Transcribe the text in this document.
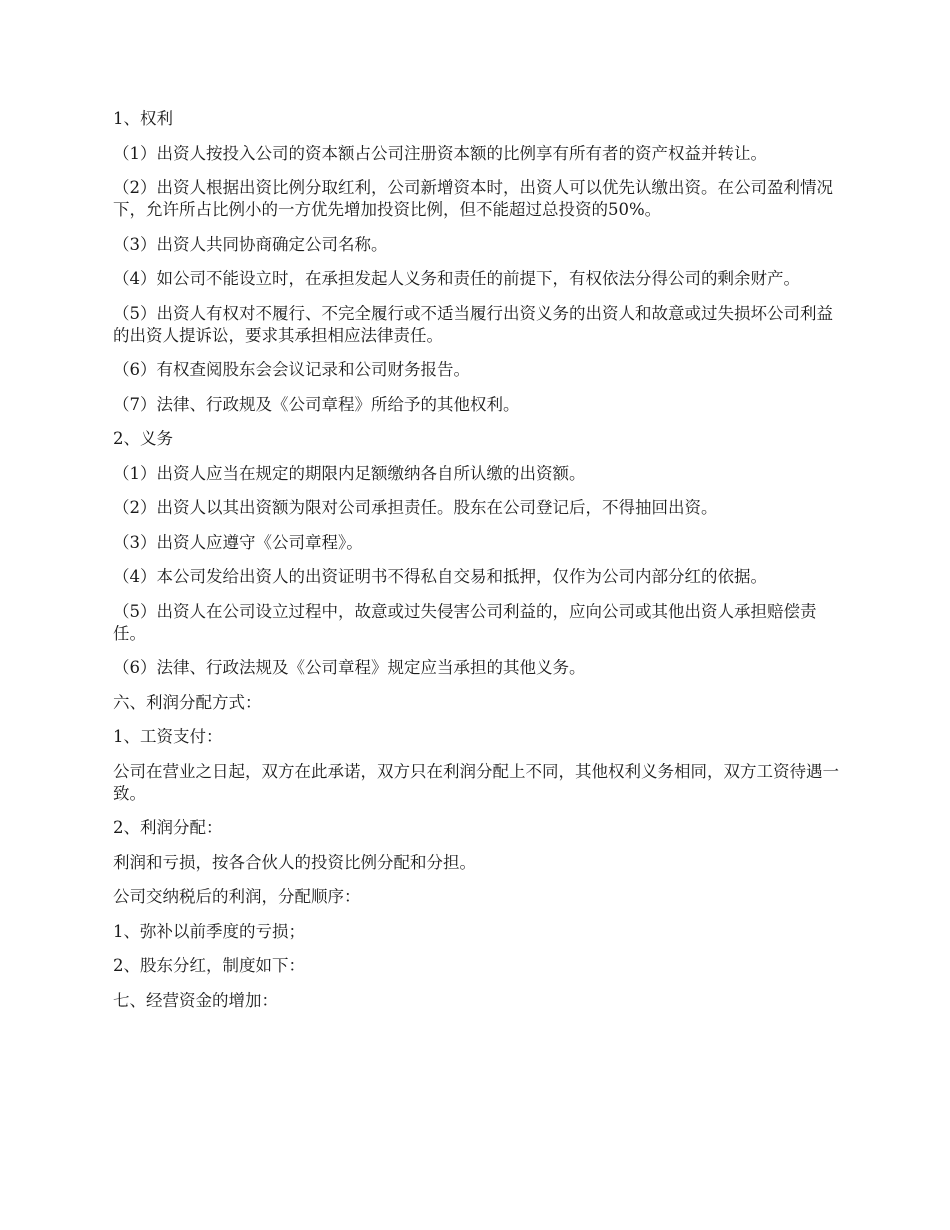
1、权利

（1）出资人按投入公司的资本额占公司注册资本额的比例享有所有者的资产权益并转让。

（2）出资人根据出资比例分取红利，公司新增资本时，出资人可以优先认缴出资。在公司盈利情况下，允许所占比例小的一方优先增加投资比例，但不能超过总投资的50%。

（3）出资人共同协商确定公司名称。

（4）如公司不能设立时，在承担发起人义务和责任的前提下，有权依法分得公司的剩余财产。

（5）出资人有权对不履行、不完全履行或不适当履行出资义务的出资人和故意或过失损坏公司利益的出资人提诉讼，要求其承担相应法律责任。

（6）有权查阅股东会会议记录和公司财务报告。

（7）法律、行政规及《公司章程》所给予的其他权利。

2、义务

（1）出资人应当在规定的期限内足额缴纳各自所认缴的出资额。

（2）出资人以其出资额为限对公司承担责任。股东在公司登记后，不得抽回出资。

（3）出资人应遵守《公司章程》。

（4）本公司发给出资人的出资证明书不得私自交易和抵押，仅作为公司内部分红的依据。

（5）出资人在公司设立过程中，故意或过失侵害公司利益的，应向公司或其他出资人承担赔偿责任。

（6）法律、行政法规及《公司章程》规定应当承担的其他义务。

六、利润分配方式：

1、工资支付：

公司在营业之日起，双方在此承诺，双方只在利润分配上不同，其他权利义务相同，双方工资待遇一致。

2、利润分配：

利润和亏损，按各合伙人的投资比例分配和分担。

公司交纳税后的利润，分配顺序：

1、弥补以前季度的亏损；

2、股东分红，制度如下：

七、经营资金的增加：
